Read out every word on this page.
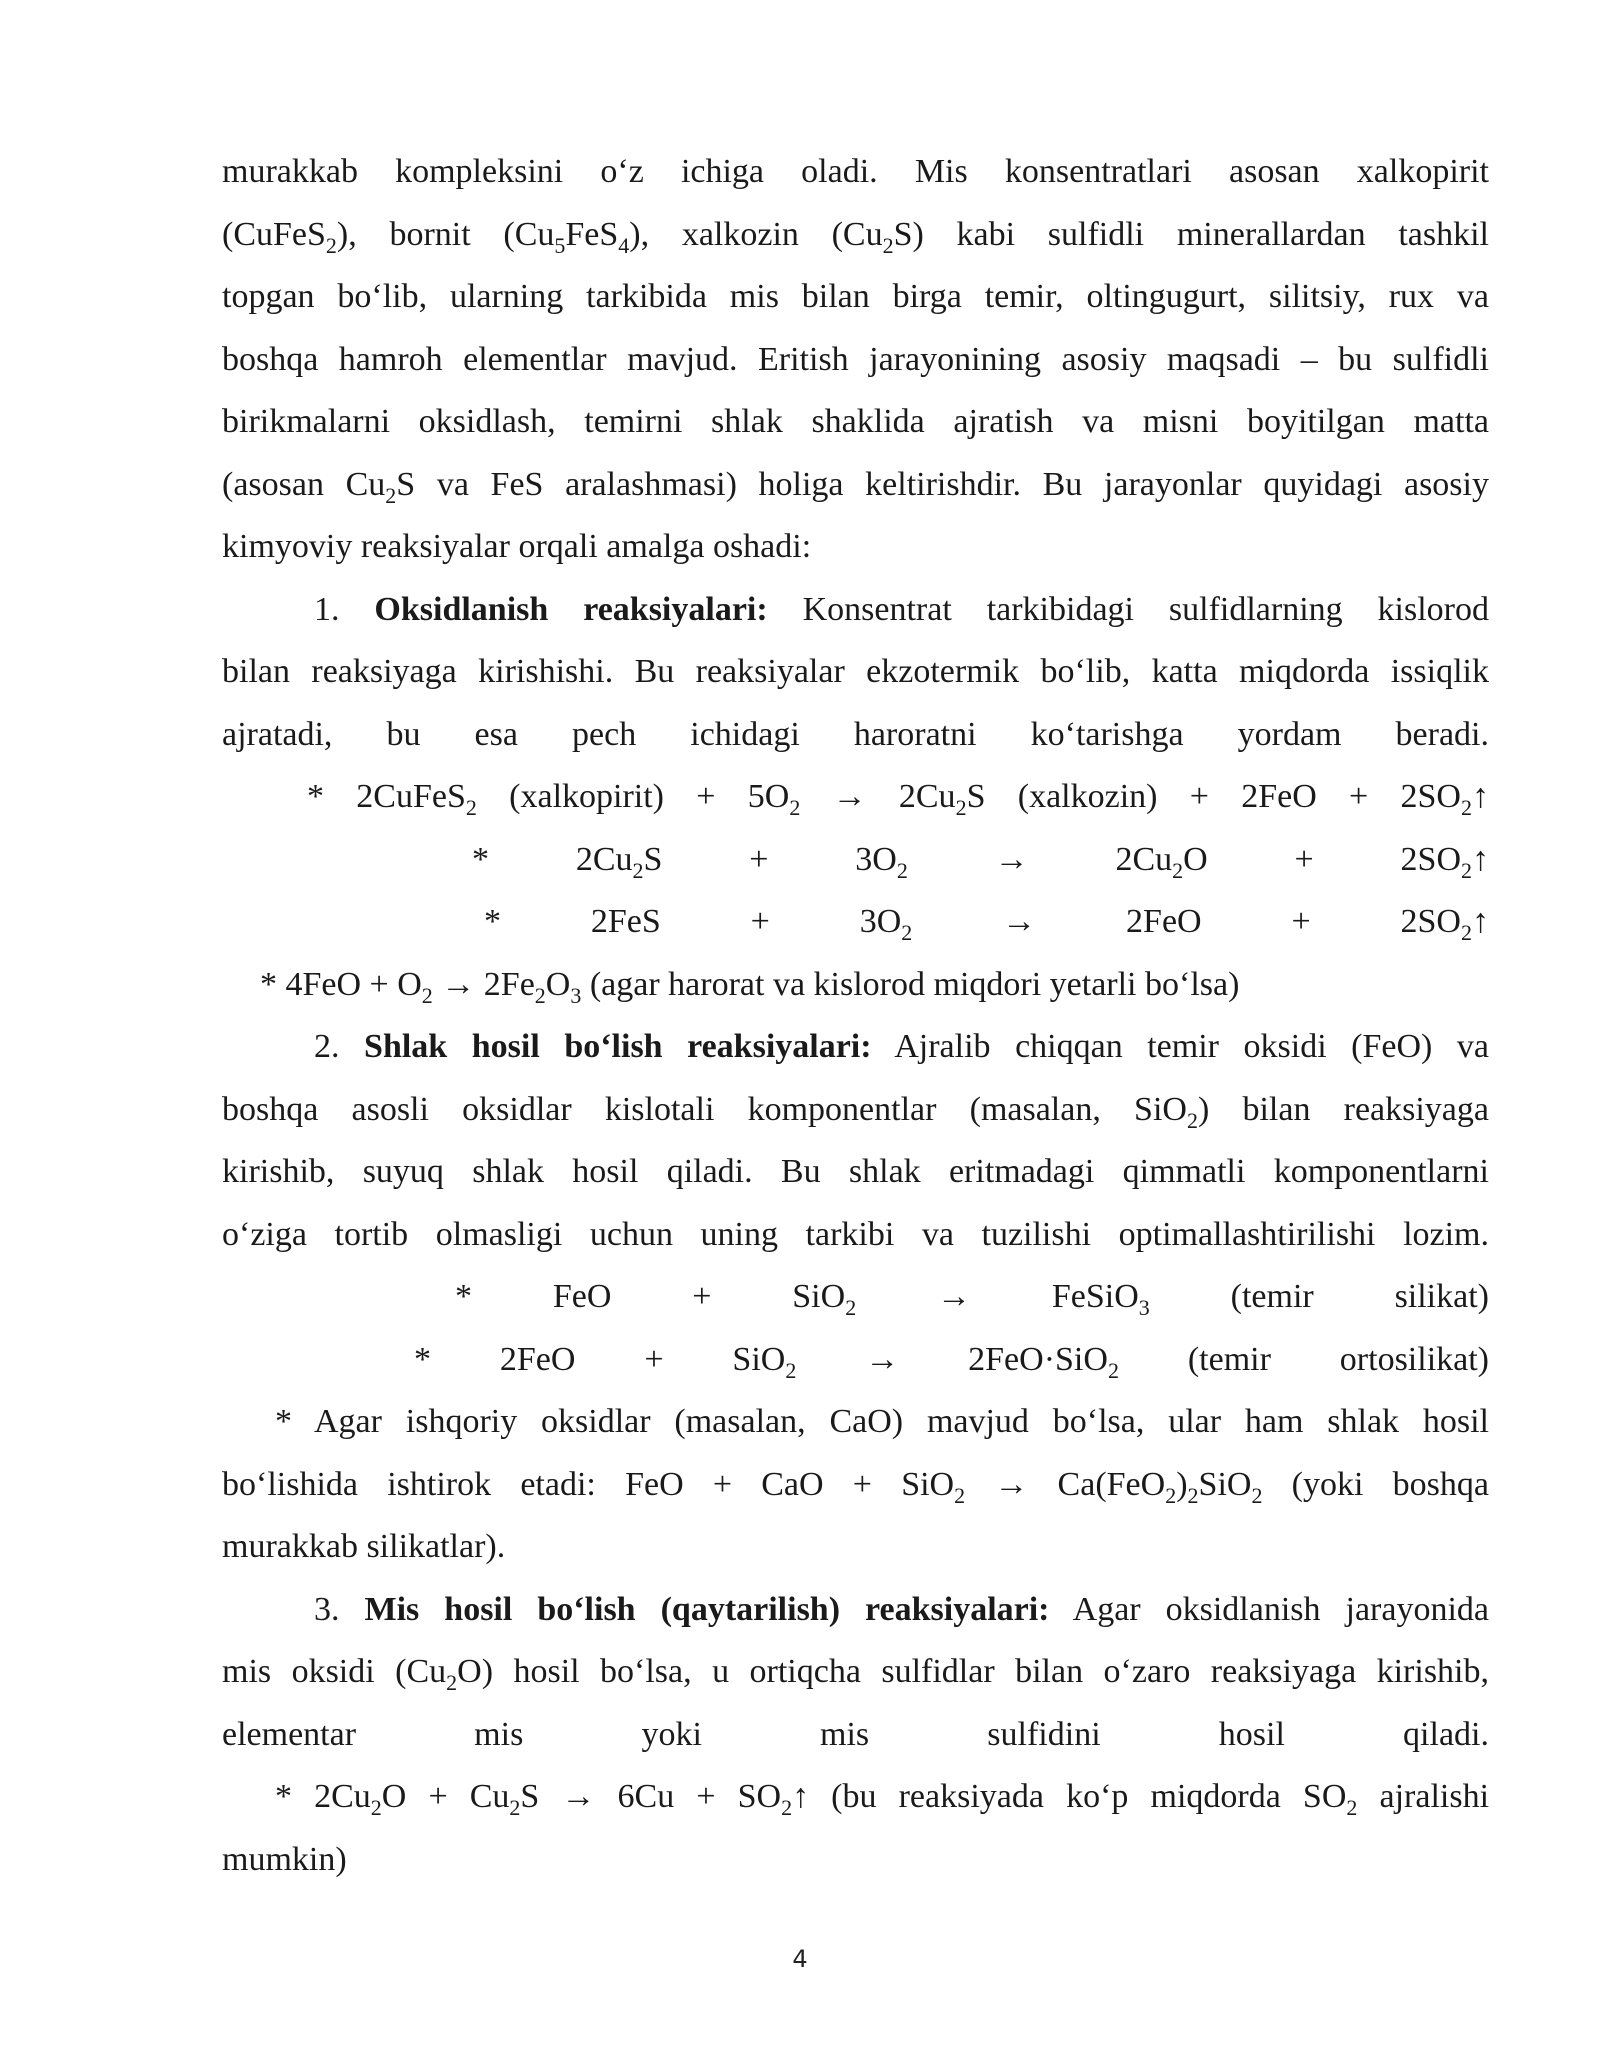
murakkab kompleksini o‘z ichiga oladi. Mis konsentratlari asosan xalkopirit
(CuFeS$_2$), bornit $(Cu_5FeS_4)$, xalkozin $(Cu_2S)$ kabi sulfidli minerallardan tashkil
topgan bo‘lib, ularning tarkibida mis bilan birga temir, oltingugurt, silitsiy, rux va
boshqa hamroh elementlar mavjud. Eritish jarayonining asosiy maqsadi – bu sulfidli
birikmalarni oksidlash, temirni shlak shaklida ajratish va misni boyitilgan matta
(asosan $Cu_2S$ va FeS aralashmasi) holiga keltirishdir. Bu jarayonlar quyidagi asosiy
kimyoviy reaksiyalar orqali amalga oshadi:
1. Oksidlanish reaksiyalari: Konsentrat tarkibidagi sulfidlarning kislorod
bilan reaksiyaga kirishishi. Bu reaksiyalar ekzotermik bo‘lib, katta miqdorda issiqlik
ajratadi, bu esa pech ichidagi haroratni ko‘tarishga yordam beradi.
* 2CuFeS$_2$ (xalkopirit) + $5O_2 \to 2Cu_2S$ (xalkozin) + $2FeO + 2SO_2↑$
* $2Cu_2S + 3O_2 \to 2Cu_2O$ + $2SO_2↑$
* $2FeS + 3O_2 \to 2FeO$ + $2SO_2↑$
* $4FeO + O_2 \to 2Fe_2O_3$ (agar harorat va kislorod miqdori yetarli bo‘lsa)
2. Shlak hosil bo‘lish reaksiyalari: Ajralib chiqqan temir oksidi (FeO) va
boshqa asosli oksidlar kislotali komponentlar (masalan, SiO$_2$) bilan reaksiyaga
kirishib, suyuq shlak hosil qiladi. Bu shlak eritmadagi qimmatli komponentlarni
o‘ziga tortib olmasligi uchun uning tarkibi va tuzilishi optimallashtirilishi lozim.
* FeO + SiO$_2$ → FeSiO$_3$ (temir silikat)
* 2FeO + SiO$_2$ → 2FeO·SiO$_2$ (temir ortosilikat)
* Agar ishqoriy oksidlar (masalan, CaO) mavjud bo‘lsa, ular ham shlak hosil
bo‘lishida ishtirok etadi: FeO + CaO + $SiO_2 \to Ca(FeO_2)_2SiO_2$ (yoki boshqa
murakkab silikatlar).
3. Mis hosil bo‘lish (qaytarilish) reaksiyalari: Agar oksidlanish jarayonida
mis oksidi $(Cu_2O)$ hosil bo‘lsa, u ortiqcha sulfidlar bilan o‘zaro reaksiyaga kirishib,
elementar mis yoki mis sulfidini hosil qiladi.
* $2Cu_2O + Cu_2S \to 6Cu$ + $SO_2↑$ (bu reaksiyada ko‘p miqdorda $SO_2$ ajralishi
mumkin)
4
